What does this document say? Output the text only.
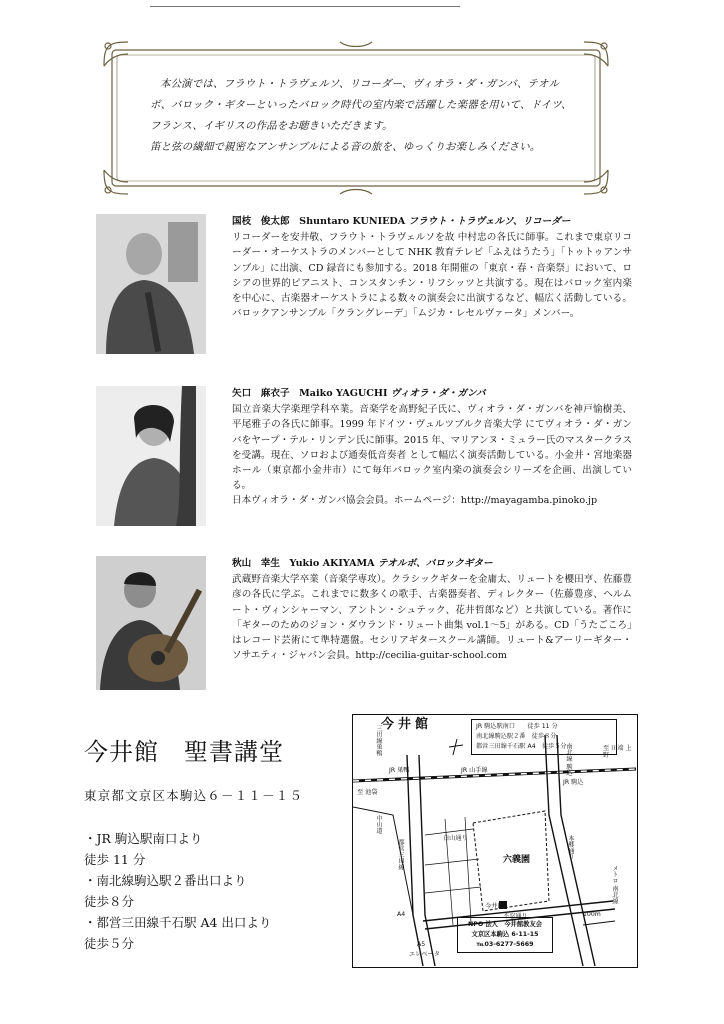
本公演では、フラウト・トラヴェルソ、リコーダー、ヴィオラ・ダ・ガンバ、テオルボ、バロック・ギターといったバロック時代の室内楽で活躍した楽器を用いて、ドイツ、フランス、イギリスの作品をお聴きいただきます。

笛と弦の繊細で親密なアンサンブルによる音の旅を、ゆっくりお楽しみください。

国枝　俊太郎　Shuntaro KUNIEDA フラウト・トラヴェルソ、リコーダー

リコーダーを安井敬、フラウト・トラヴェルソを故 中村忠の各氏に師事。これまで東京リコーダー・オーケストラのメンバーとして NHK 教育テレビ「ふえはうたう」「トゥトゥアンサンブル」に出演、CD 録音にも参加する。2018 年開催の「東京・春・音楽祭」において、ロシアの世界的ピアニスト、コンスタンチン・リフシッツと共演する。現在はバロック室内楽を中心に、古楽器オーケストラによる数々の演奏会に出演するなど、幅広く活動している。バロックアンサンブル「クラングレーデ」「ムジカ・レセルヴァータ」メンバー。

矢口　麻衣子　Maiko YAGUCHI ヴィオラ・ダ・ガンバ

国立音楽大学楽理学科卒業。音楽学を高野紀子氏に、ヴィオラ・ダ・ガンバを神戸愉樹美、平尾雅子の各氏に師事。1999 年ドイツ・ヴュルツブルク音楽大学 にてヴィオラ・ダ・ガンバをヤープ・テル・リンデン氏に師事。2015 年、マリアンヌ・ミュラー氏のマスタークラスを受講。現在、ソロおよび通奏低音奏者 として幅広く演奏活動している。小金井・宮地楽器ホール（東京都小金井市）にて毎年バロック室内楽の演奏会シリーズを企画、出演している。

日本ヴィオラ・ダ・ガンバ協会会員。ホームページ：http://mayagamba.pinoko.jp

秋山　幸生　Yukio AKIYAMA テオルボ、バロックギター

武蔵野音楽大学卒業（音楽学専攻）。クラシックギターを金庸太、リュートを櫻田亨、佐藤豊彦の各氏に学ぶ。これまでに数多くの歌手、古楽器奏者、ディレクター（佐藤豊彦、ヘルムート・ヴィンシャーマン、アントン・シュテック、花井哲郎など）と共演している。著作に「ギターのためのジョン・ダウランド・リュート曲集 vol.1～5」がある。CD「うたごころ」はレコード芸術にて準特選盤。セシリアギタースクール講師。リュート&アーリーギター・ソサエティ・ジャパン会員。http://cecilia-guitar-school.com

今井館　聖書講堂
東京都文京区本駒込６－１１－１５
・JR 駒込駅南口より
徒歩 11 分
・南北線駒込駅２番出口より
徒歩８分
・都営三田線千石駅 A4 出口より
徒歩５分
今井館	JR 駒込駅南口　　徒歩 11 分
南北線駒込駅２番　徒歩８分
都営三田線千石駅 A4　徒歩５分
JR 山手線
JR 巣鴨
JR 駒込
至 池袋
至 田端 上野
中山道
都営三田線
三田線巣鴨
本郷通り
メトロ 南北線
南北線 駒込
六義園
今井館
不忍通り
白山通り
100m
A4
A5
エレベータ
NPO 法人　今井館教友会
文京区本駒込 6-11-15
℡03-6277-5669
